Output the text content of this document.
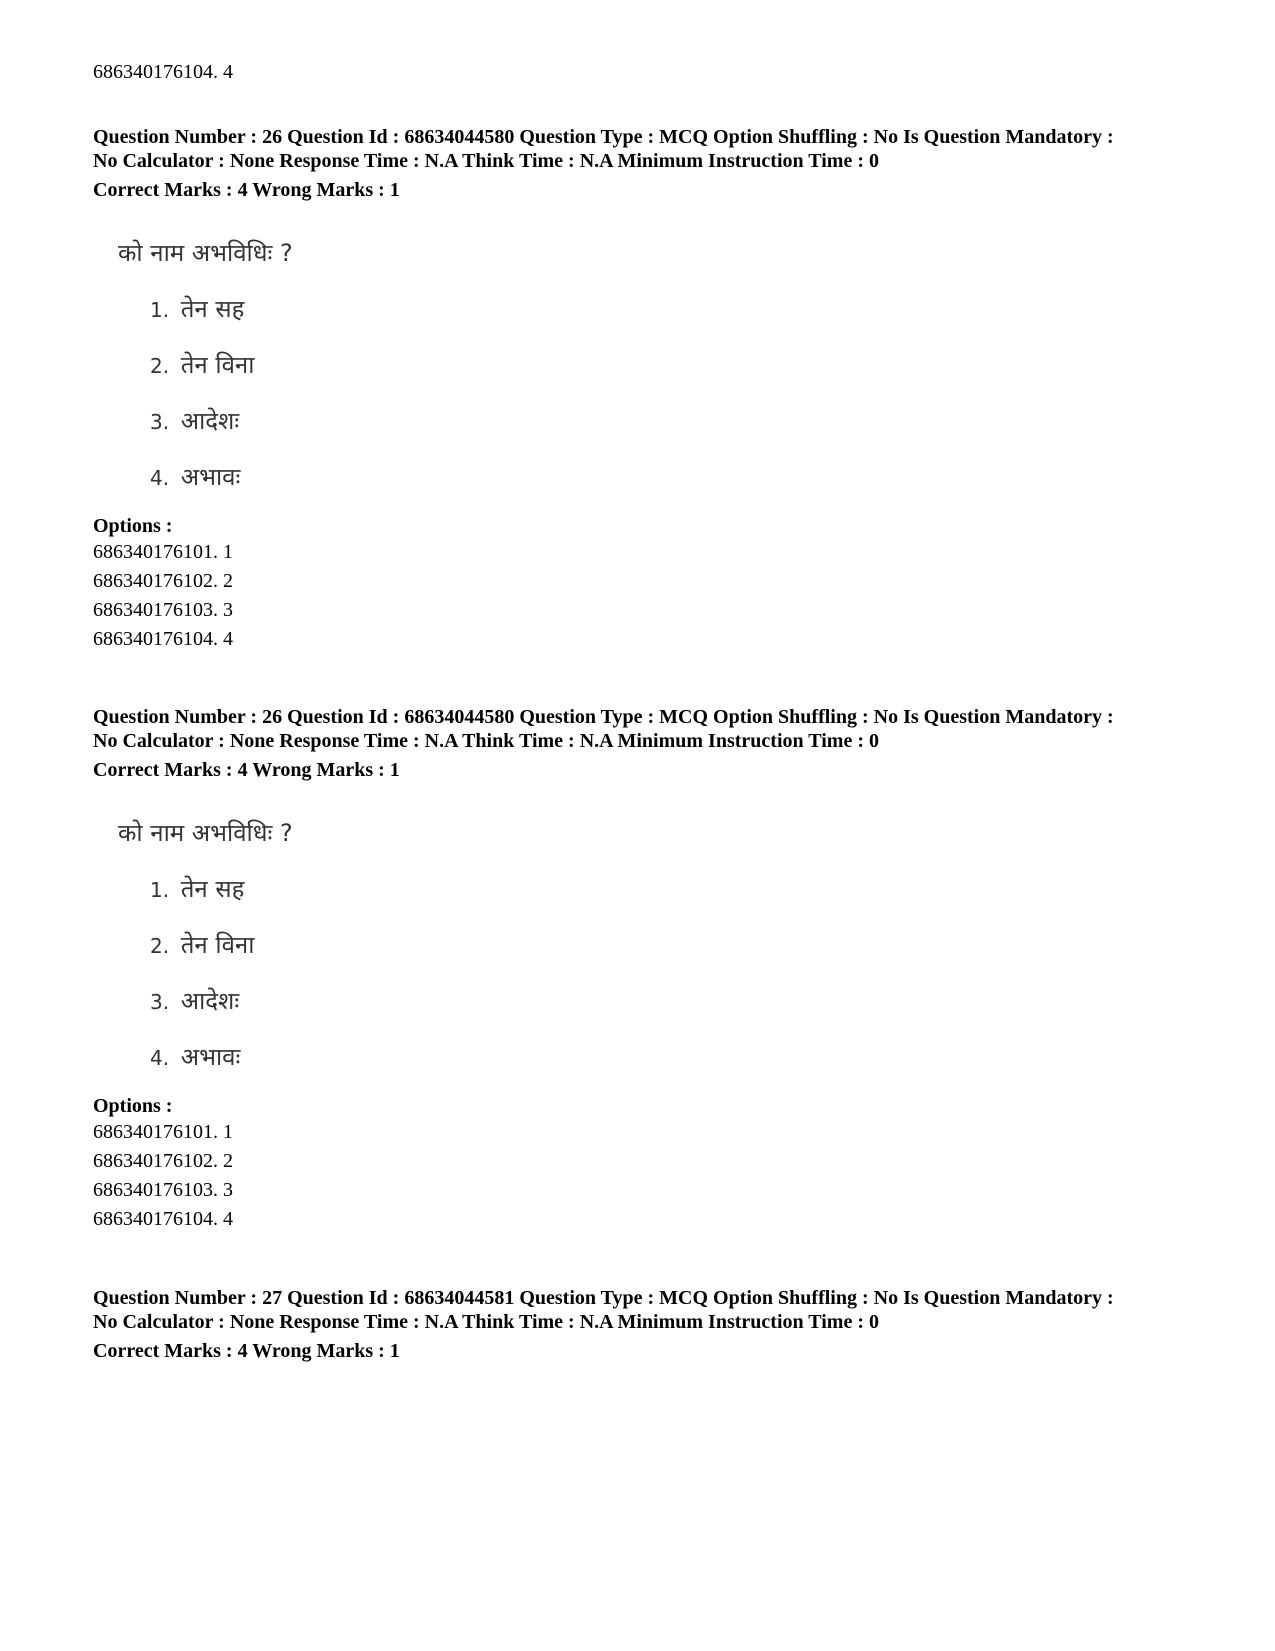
686340176104. 4
Question Number : 26 Question Id : 68634044580 Question Type : MCQ Option Shuffling : No Is Question Mandatory :
No Calculator : None Response Time : N.A Think Time : N.A Minimum Instruction Time : 0
Correct Marks : 4 Wrong Marks : 1
को नाम अभविधिः ?
1. तेन सह
2. तेन विना
3. आदेशः
4. अभावः
Options :
686340176101. 1
686340176102. 2
686340176103. 3
686340176104. 4
Question Number : 26 Question Id : 68634044580 Question Type : MCQ Option Shuffling : No Is Question Mandatory :
No Calculator : None Response Time : N.A Think Time : N.A Minimum Instruction Time : 0
Correct Marks : 4 Wrong Marks : 1
को नाम अभविधिः ?
1. तेन सह
2. तेन विना
3. आदेशः
4. अभावः
Options :
686340176101. 1
686340176102. 2
686340176103. 3
686340176104. 4
Question Number : 27 Question Id : 68634044581 Question Type : MCQ Option Shuffling : No Is Question Mandatory :
No Calculator : None Response Time : N.A Think Time : N.A Minimum Instruction Time : 0
Correct Marks : 4 Wrong Marks : 1
